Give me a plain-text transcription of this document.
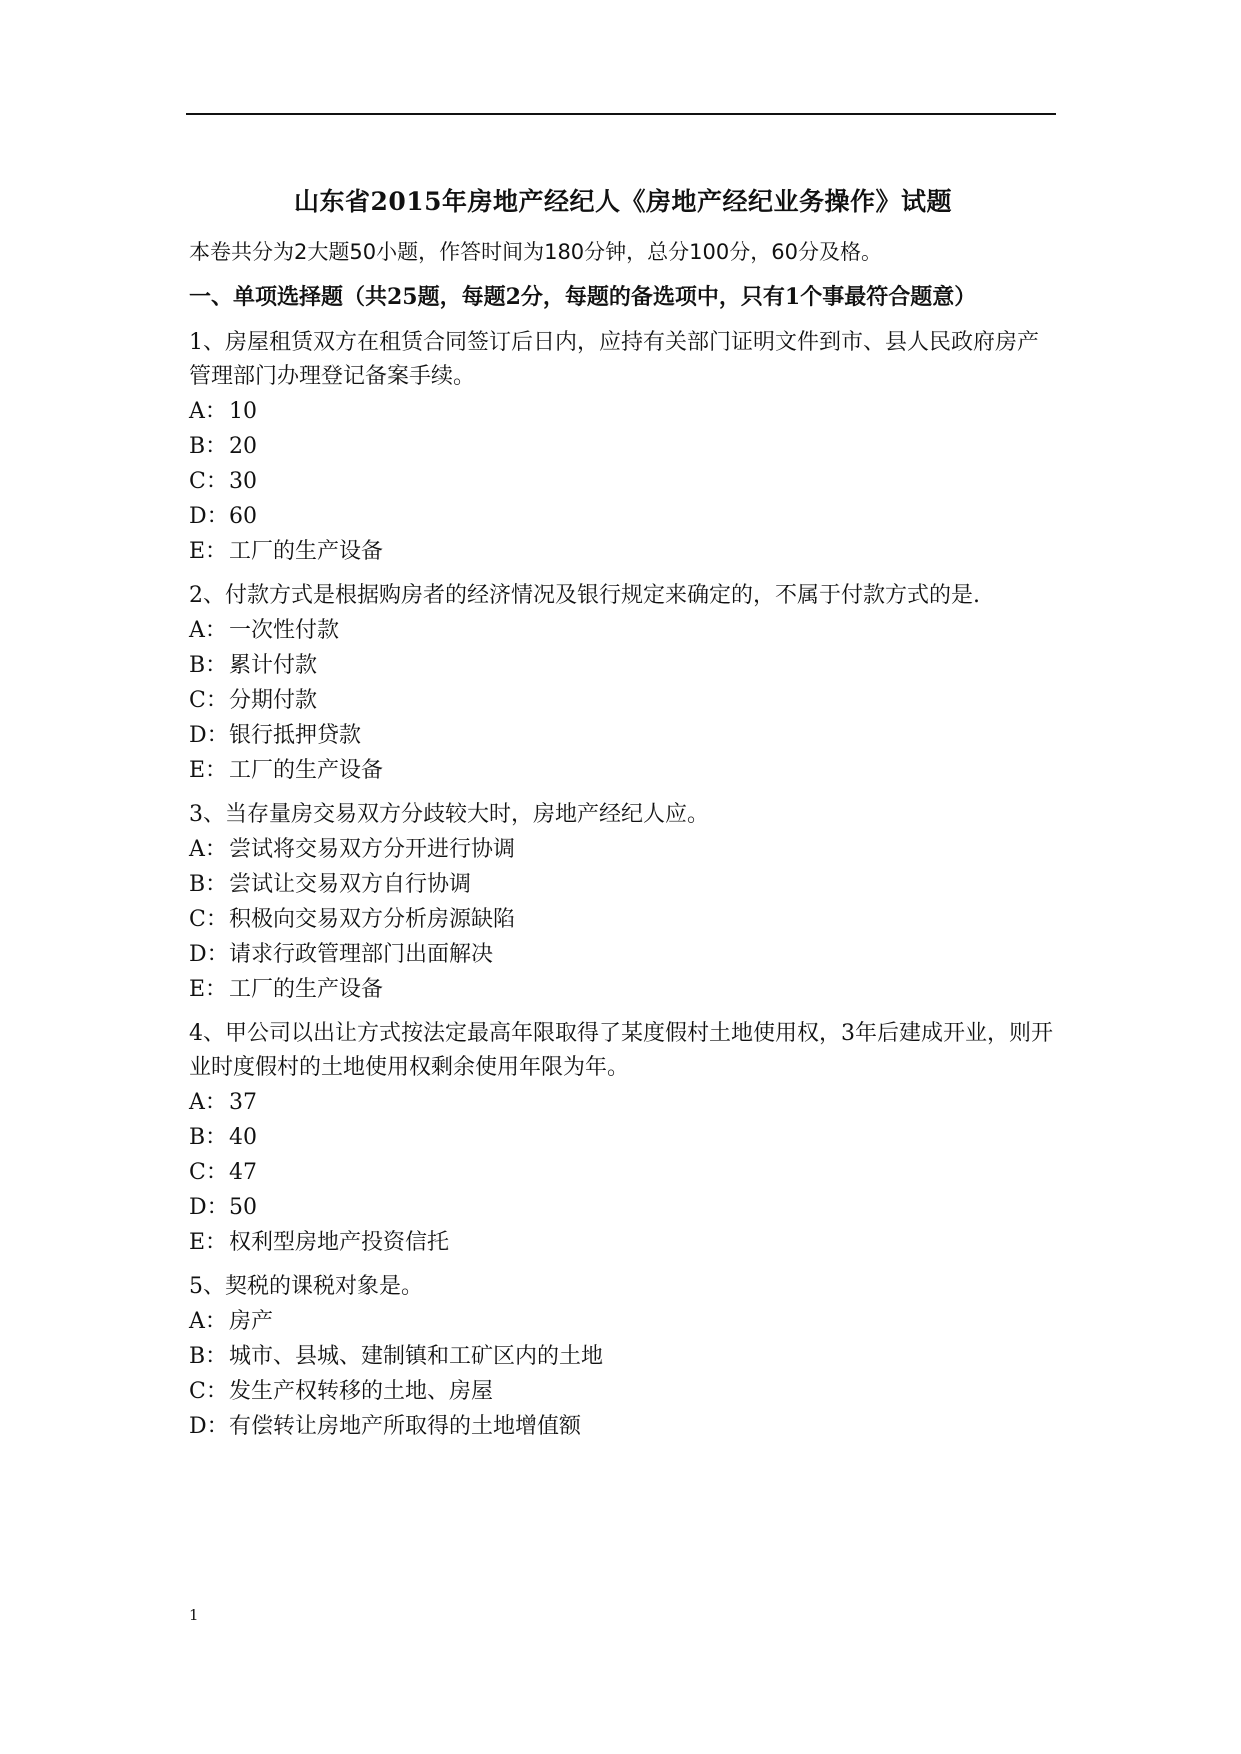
山东省2015年房地产经纪人《房地产经纪业务操作》试题

本卷共分为2大题50小题，作答时间为180分钟，总分100分，60分及格。

一、单项选择题（共25题，每题2分，每题的备选项中，只有1个事最符合题意）

1、房屋租赁双方在租赁合同签订后日内，应持有关部门证明文件到市、县人民政府房产管理部门办理登记备案手续。

A： 10
B： 20
C： 30
D： 60
E： 工厂的生产设备

2、付款方式是根据购房者的经济情况及银行规定来确定的，不属于付款方式的是.

A： 一次性付款
B： 累计付款
C： 分期付款
D： 银行抵押贷款
E： 工厂的生产设备

3、当存量房交易双方分歧较大时，房地产经纪人应。

A： 尝试将交易双方分开进行协调
B： 尝试让交易双方自行协调
C： 积极向交易双方分析房源缺陷
D： 请求行政管理部门出面解决
E： 工厂的生产设备

4、甲公司以出让方式按法定最高年限取得了某度假村土地使用权，3年后建成开业，则开业时度假村的土地使用权剩余使用年限为年。

A： 37
B： 40
C： 47
D： 50
E： 权利型房地产投资信托

5、契税的课税对象是。

A： 房产
B： 城市、县城、建制镇和工矿区内的土地
C： 发生产权转移的土地、房屋
D： 有偿转让房地产所取得的土地增值额
1
